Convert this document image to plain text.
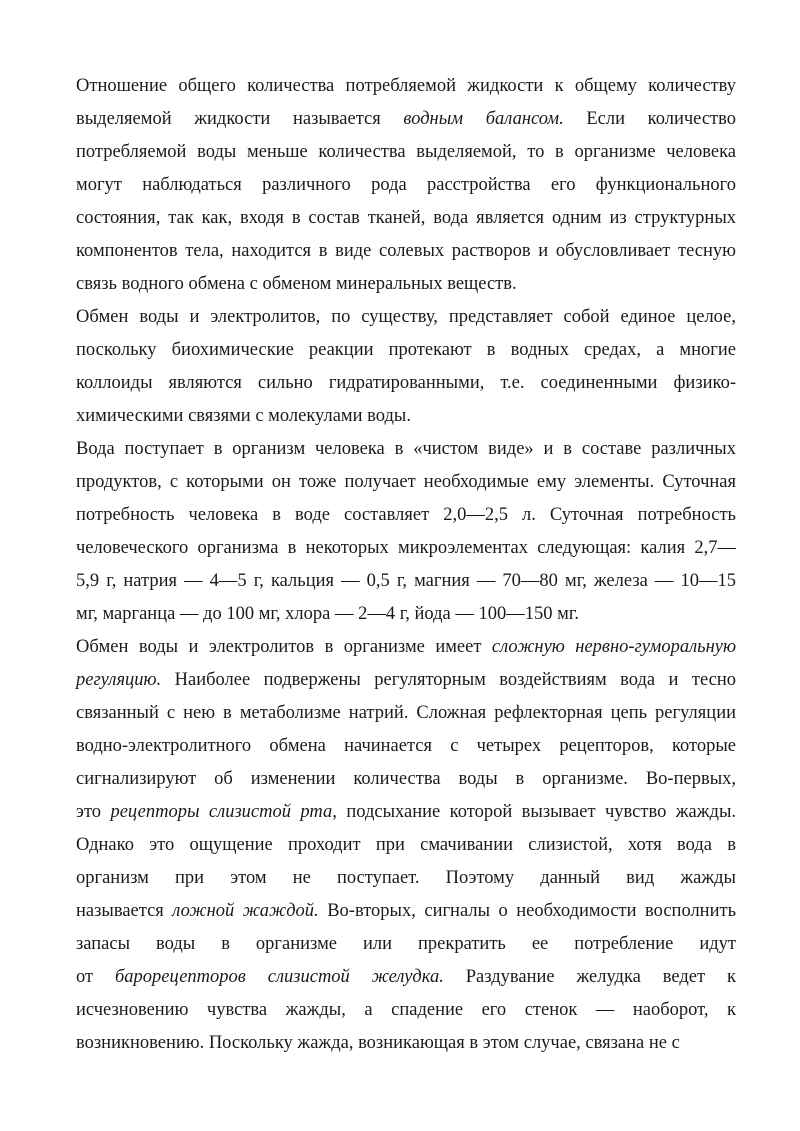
Отношение общего количества потребляемой жидкости к общему количеству
выделяемой жидкости называется водным балансом. Если количество
потребляемой воды меньше количества выделяемой, то в организме человека
могут наблюдаться различного рода расстройства его функционального
состояния, так как, входя в состав тканей, вода является одним из структурных
компонентов тела, находится в виде солевых растворов и обусловливает тесную
связь водного обмена с обменом минеральных веществ.
Обмен воды и электролитов, по существу, представляет собой единое целое,
поскольку биохимические реакции протекают в водных средах, а многие
коллоиды являются сильно гидратированными, т.е. соединенными физико-
химическими связями с молекулами воды.
Вода поступает в организм человека в «чистом виде» и в составе различных
продуктов, с которыми он тоже получает необходимые ему элементы. Суточная
потребность человека в воде составляет 2,0—2,5 л. Суточная потребность
человеческого организма в некоторых микроэлементах следующая: калия 2,7—
5,9 г, натрия — 4—5 г, кальция — 0,5 г, магния — 70—80 мг, железа — 10—15
мг, марганца — до 100 мг, хлора — 2—4 г, йода — 100—150 мг.
Обмен воды и электролитов в организме имеет сложную нервно-гуморальную
регуляцию. Наиболее подвержены регуляторным воздействиям вода и тесно
связанный с нею в метаболизме натрий. Сложная рефлекторная цепь регуляции
водно-электролитного обмена начинается с четырех рецепторов, которые
сигнализируют об изменении количества воды в организме. Во-первых,
это рецепторы слизистой рта, подсыхание которой вызывает чувство жажды.
Однако это ощущение проходит при смачивании слизистой, хотя вода в
организм при этом не поступает. Поэтому данный вид жажды
называется ложной жаждой. Во-вторых, сигналы о необходимости восполнить
запасы воды в организме или прекратить ее потребление идут
от барорецепторов слизистой желудка. Раздувание желудка ведет к
исчезновению чувства жажды, а спадение его стенок — наоборот, к
возникновению. Поскольку жажда, возникающая в этом случае, связана не с
